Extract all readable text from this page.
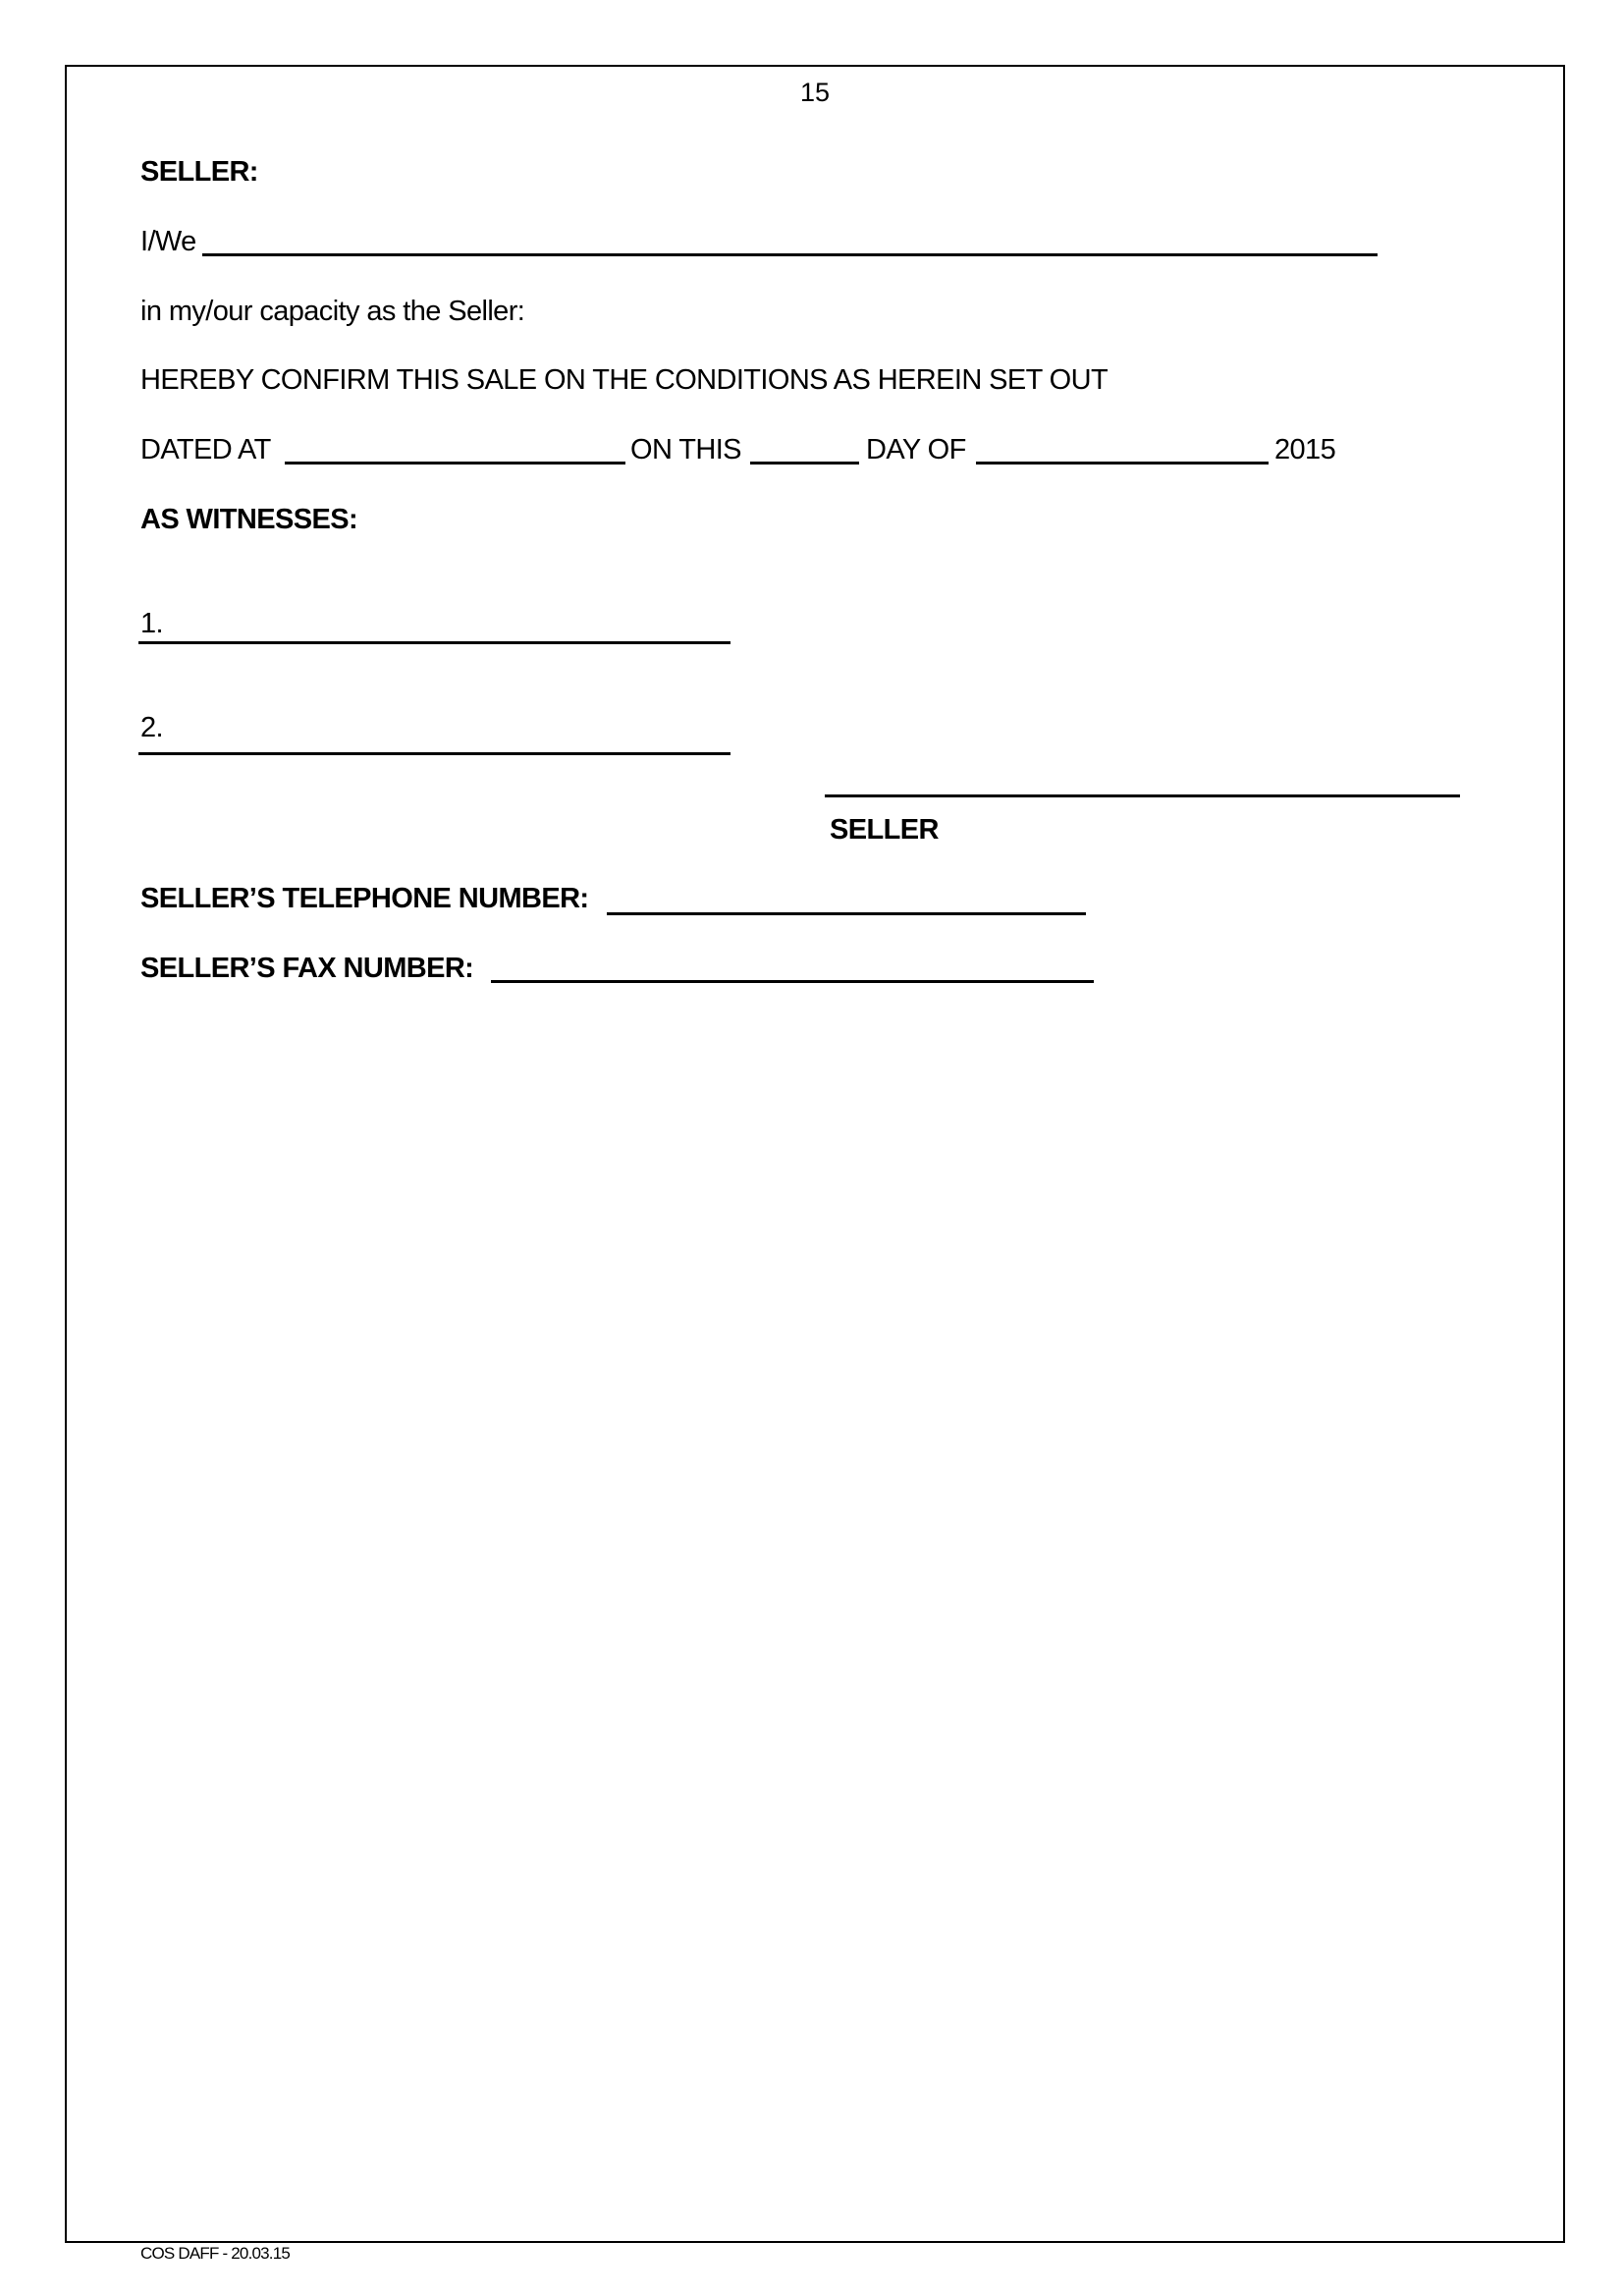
15
SELLER:
I/We
in my/our capacity as the Seller:
HEREBY CONFIRM THIS SALE ON THE CONDITIONS AS HEREIN SET OUT
DATED AT	ON THIS	DAY OF	2015
AS WITNESSES:
1.
2.
SELLER
SELLER’S TELEPHONE NUMBER:
SELLER’S FAX NUMBER:
COS DAFF - 20.03.15
